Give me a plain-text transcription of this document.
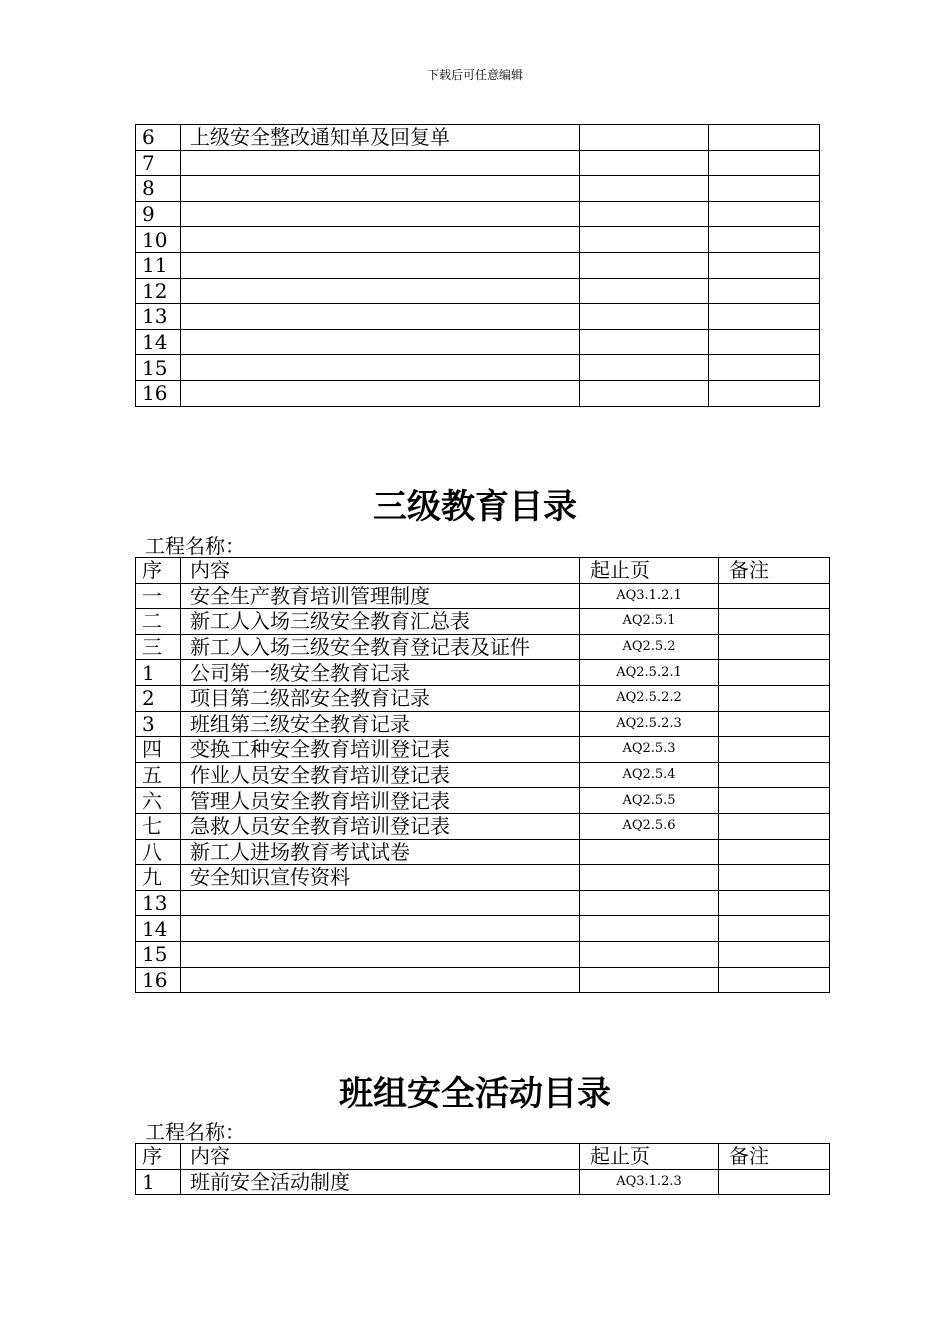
下载后可任意编辑
6	上级安全整改通知单及回复单		
7			
8			
9			
10			
11			
12			
13			
14			
15			
16			
三级教育目录
工程名称：
序	内容	起止页	备注
一	安全生产教育培训管理制度	AQ3.1.2.1	
二	新工人入场三级安全教育汇总表	AQ2.5.1	
三	新工人入场三级安全教育登记表及证件	AQ2.5.2	
1	公司第一级安全教育记录	AQ2.5.2.1	
2	项目第二级部安全教育记录	AQ2.5.2.2	
3	班组第三级安全教育记录	AQ2.5.2.3	
四	变换工种安全教育培训登记表	AQ2.5.3	
五	作业人员安全教育培训登记表	AQ2.5.4	
六	管理人员安全教育培训登记表	AQ2.5.5	
七	急救人员安全教育培训登记表	AQ2.5.6	
八	新工人进场教育考试试卷		
九	安全知识宣传资料		
13			
14			
15			
16			
班组安全活动目录
工程名称：
序	内容	起止页	备注
1	班前安全活动制度	AQ3.1.2.3	
